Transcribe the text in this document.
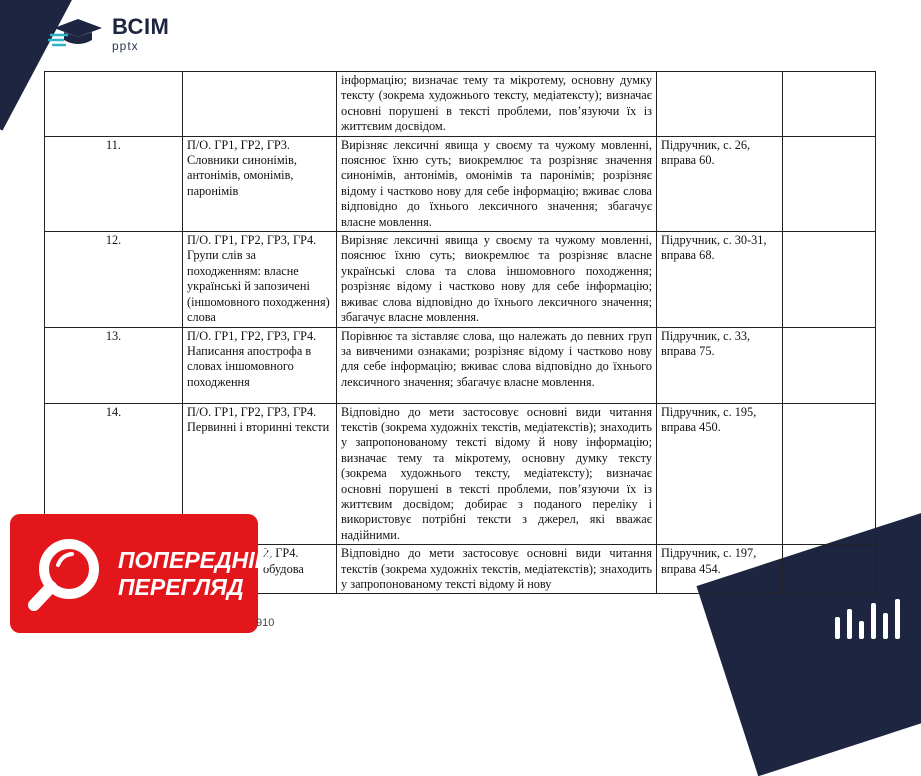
ВСІМ
pptx
		інформацію; визначає тему та мікротему, основну думку тексту (зокрема художнього тексту, медіатексту); визначає основні порушені в тексті проблеми, пов’язуючи їх із життєвим досвідом.		
11.	П/О. ГР1, ГР2, ГР3. Словники синонімів, антонімів, омонімів, паронімів	Вирізняє лексичні явища у своєму та чужому мовленні, пояснює їхню суть; виокремлює та розрізняє значення синонімів, антонімів, омонімів та паронімів; розрізняє відому і частково нову для себе інформацію; вживає слова відповідно до їхнього лексичного значення; збагачує власне мовлення.	Підручник, с. 26, вправа 60.	
12.	П/О. ГР1, ГР2, ГР3, ГР4. Групи слів за походженням: власне українські й запозичені (іншомовного походження) слова	Вирізняє лексичні явища у своєму та чужому мовленні, пояснює їхню суть; виокремлює та розрізняє власне українські слова та слова іншомовного походження; розрізняє відому і частково нову для себе інформацію; вживає слова відповідно до їхнього лексичного значення; збагачує власне мовлення.	Підручник, с. 30-31, вправа 68.	
13.	П/О. ГР1, ГР2, ГР3, ГР4. Написання апострофа в словах іншомовного походження	Порівнює та зіставляє слова, що належать до певних груп за вивченими ознаками; розрізняє відому і частково нову для себе інформацію; вживає слова відповідно до їхнього лексичного значення; збагачує власне мовлення.	Підручник, с. 33, вправа 75.	
14.	П/О. ГР1, ГР2, ГР3, ГР4. Первинні і вторинні тексти	Відповідно до мети застосовує основні види читання текстів (зокрема художніх текстів, медіатекстів); знаходить у запропонованому тексті відому й нову інформацію; визначає тему та мікротему, основну думку тексту (зокрема художнього тексту, медіатексту); визначає основні порушені в тексті проблеми, пов’язуючи їх із життєвим досвідом; добирає з поданого переліку і використовує потрібні тексти з джерел, які вважає надійними.	Підручник, с. 195, вправа 450.	
	2, ГР4. обудова	Відповідно до мети застосовує основні види читання текстів (зокрема художніх текстів, медіатекстів); знаходить у запропонованому тексті відому й нову	Підручник, с. 197, вправа 454.	
ПОПЕРЕДНІЙ
ПЕРЕГЛЯД
910
